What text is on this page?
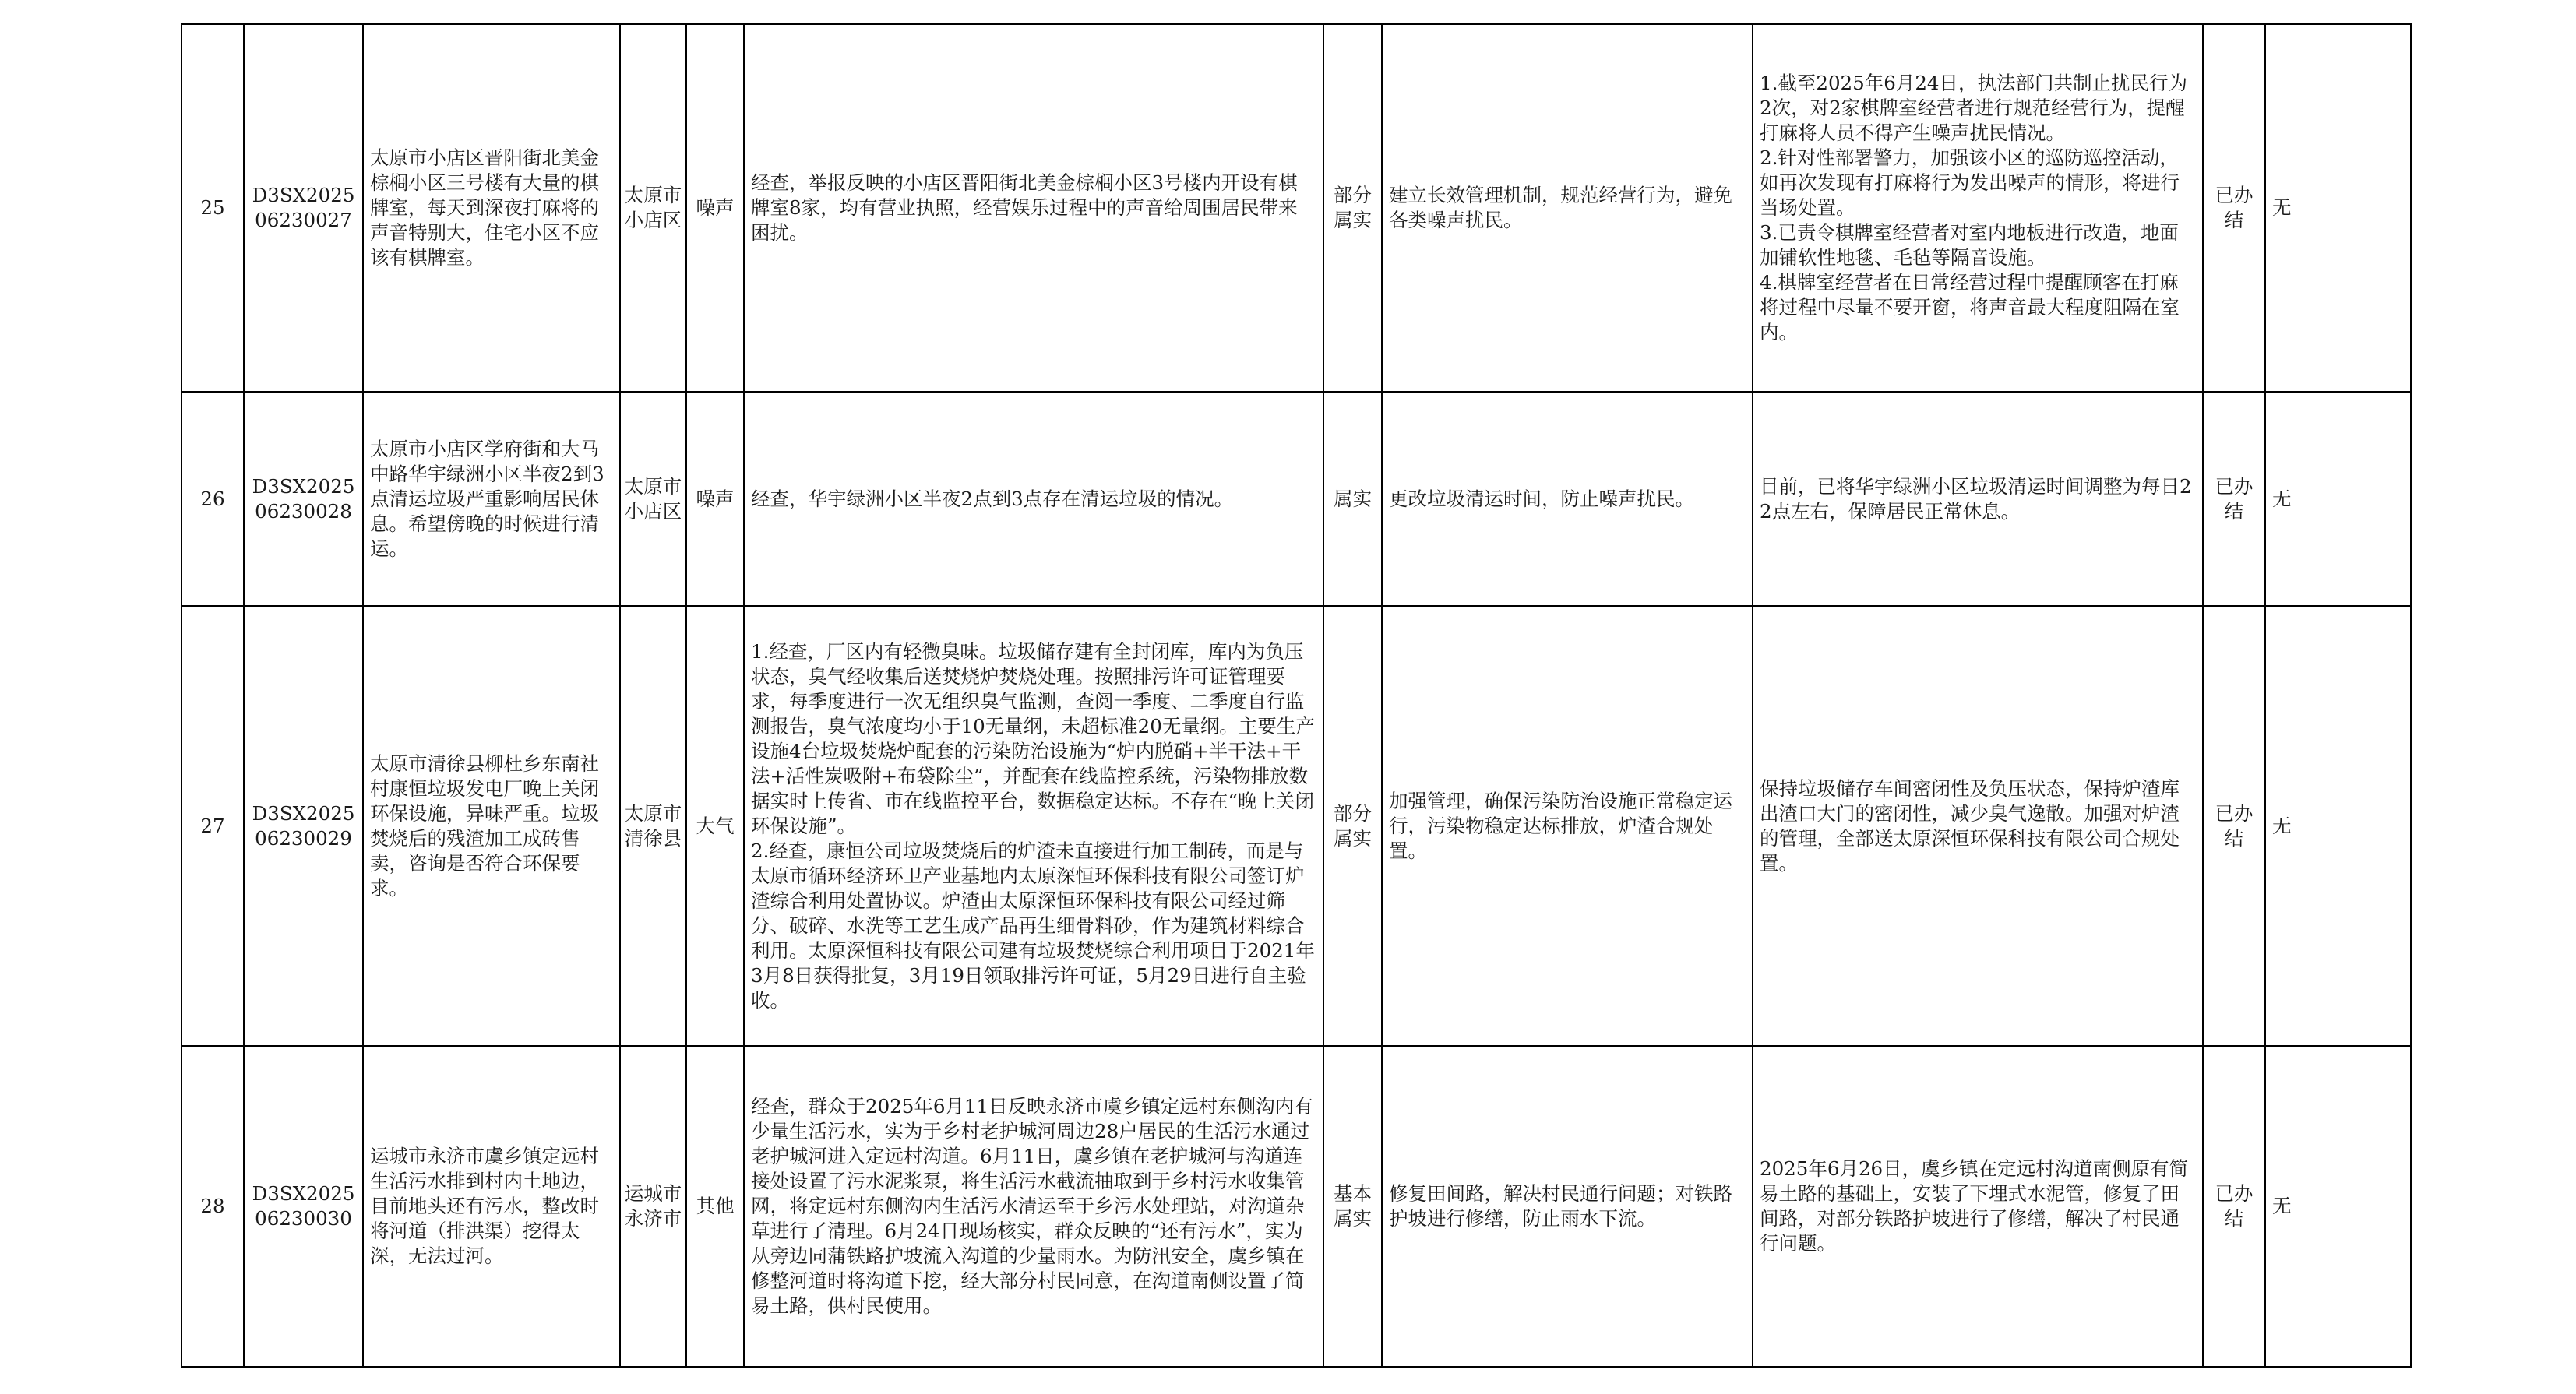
25	D3SX202506230027	太原市小店区晋阳街北美金棕榈小区三号楼有大量的棋牌室，每天到深夜打麻将的声音特别大，住宅小区不应该有棋牌室。	太原市小店区	噪声	经查，举报反映的小店区晋阳街北美金棕榈小区3号楼内开设有棋牌室8家，均有营业执照，经营娱乐过程中的声音给周围居民带来困扰。	部分属实	建立长效管理机制，规范经营行为，避免各类噪声扰民。	1.截至2025年6月24日，执法部门共制止扰民行为2次，对2家棋牌室经营者进行规范经营行为，提醒打麻将人员不得产生噪声扰民情况。
2.针对性部署警力，加强该小区的巡防巡控活动，如再次发现有打麻将行为发出噪声的情形，将进行当场处置。
3.已责令棋牌室经营者对室内地板进行改造，地面加铺软性地毯、毛毡等隔音设施。
4.棋牌室经营者在日常经营过程中提醒顾客在打麻将过程中尽量不要开窗，将声音最大程度阻隔在室内。	已办结	无
26	D3SX202506230028	太原市小店区学府街和大马中路华宇绿洲小区半夜2到3点清运垃圾严重影响居民休息。希望傍晚的时候进行清运。	太原市小店区	噪声	经查，华宇绿洲小区半夜2点到3点存在清运垃圾的情况。	属实	更改垃圾清运时间，防止噪声扰民。	目前，已将华宇绿洲小区垃圾清运时间调整为每日22点左右，保障居民正常休息。	已办结	无
27	D3SX202506230029	太原市清徐县柳杜乡东南社村康恒垃圾发电厂晚上关闭环保设施，异味严重。垃圾焚烧后的残渣加工成砖售卖，咨询是否符合环保要求。	太原市清徐县	大气	1.经查，厂区内有轻微臭味。垃圾储存建有全封闭库，库内为负压状态，臭气经收集后送焚烧炉焚烧处理。按照排污许可证管理要求，每季度进行一次无组织臭气监测，查阅一季度、二季度自行监测报告，臭气浓度均小于10无量纲，未超标准20无量纲。主要生产设施4台垃圾焚烧炉配套的污染防治设施为“炉内脱硝+半干法+干法+活性炭吸附+布袋除尘”，并配套在线监控系统，污染物排放数据实时上传省、市在线监控平台，数据稳定达标。不存在“晚上关闭环保设施”。
2.经查，康恒公司垃圾焚烧后的炉渣未直接进行加工制砖，而是与太原市循环经济环卫产业基地内太原深恒环保科技有限公司签订炉渣综合利用处置协议。炉渣由太原深恒环保科技有限公司经过筛分、破碎、水洗等工艺生成产品再生细骨料砂，作为建筑材料综合利用。太原深恒科技有限公司建有垃圾焚烧综合利用项目于2021年3月8日获得批复，3月19日领取排污许可证，5月29日进行自主验收。	部分属实	加强管理，确保污染防治设施正常稳定运行，污染物稳定达标排放，炉渣合规处置。	保持垃圾储存车间密闭性及负压状态，保持炉渣库出渣口大门的密闭性，减少臭气逸散。加强对炉渣的管理，全部送太原深恒环保科技有限公司合规处置。	已办结	无
28	D3SX202506230030	运城市永济市虞乡镇定远村生活污水排到村内土地边，目前地头还有污水，整改时将河道（排洪渠）挖得太深，无法过河。	运城市永济市	其他	经查，群众于2025年6月11日反映永济市虞乡镇定远村东侧沟内有少量生活污水，实为于乡村老护城河周边28户居民的生活污水通过老护城河进入定远村沟道。6月11日，虞乡镇在老护城河与沟道连接处设置了污水泥浆泵，将生活污水截流抽取到于乡村污水收集管网，将定远村东侧沟内生活污水清运至于乡污水处理站，对沟道杂草进行了清理。6月24日现场核实，群众反映的“还有污水”，实为从旁边同蒲铁路护坡流入沟道的少量雨水。为防汛安全，虞乡镇在修整河道时将沟道下挖，经大部分村民同意，在沟道南侧设置了简易土路，供村民使用。	基本属实	修复田间路，解决村民通行问题；对铁路护坡进行修缮，防止雨水下流。	2025年6月26日，虞乡镇在定远村沟道南侧原有简易土路的基础上，安装了下埋式水泥管，修复了田间路，对部分铁路护坡进行了修缮，解决了村民通行问题。	已办结	无
